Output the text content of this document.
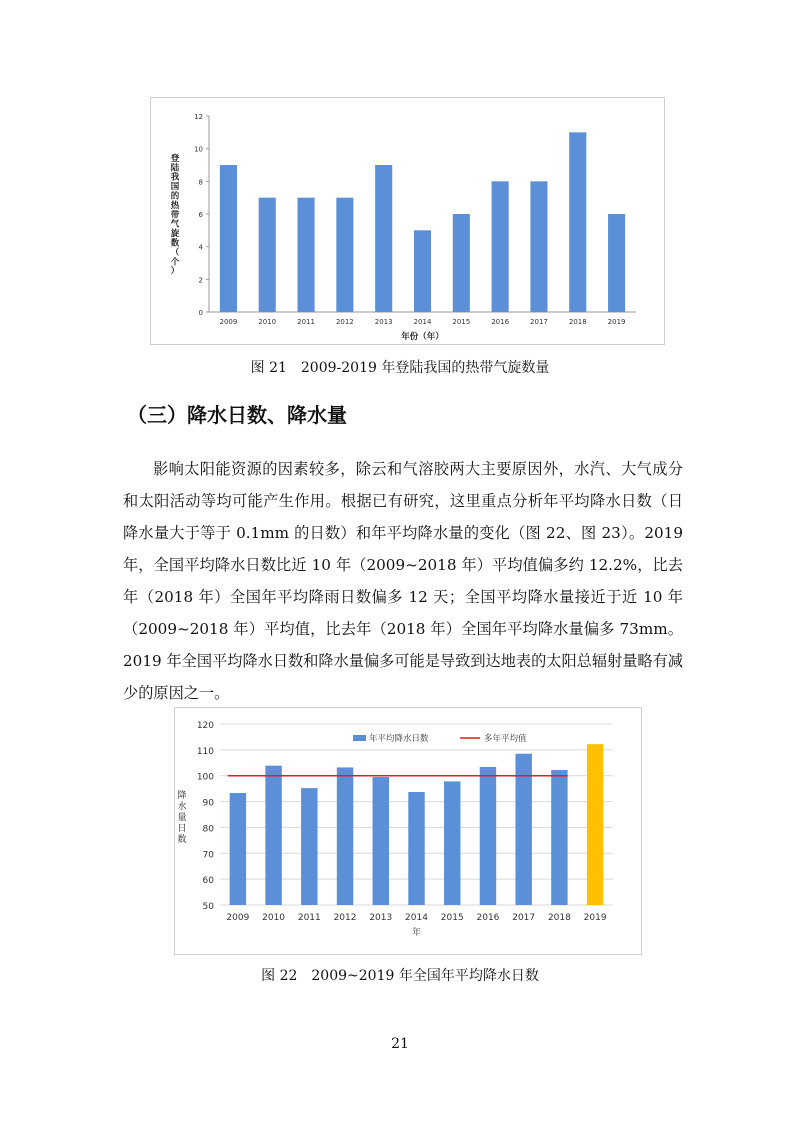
0
2
4
6
8
10
12
2009	2010	2011	2012	2013	2014	2015	2016	2017	2018	2019
年份（年）
登陆我国的热带气旋数（个）
图 21　2009-2019 年登陆我国的热带气旋数量
（三）降水日数、降水量

影响太阳能资源的因素较多，除云和气溶胶两大主要原因外，水汽、大气成分和太阳活动等均可能产生作用。根据已有研究，这里重点分析年平均降水日数（日降水量大于等于 0.1mm 的日数）和年平均降水量的变化（图 22、图 23）。2019 年，全国平均降水日数比近 10 年（2009~2018 年）平均值偏多约 12.2%，比去年（2018 年）全国年平均降雨日数偏多 12 天；全国平均降水量接近于近 10 年（2009~2018 年）平均值，比去年（2018 年）全国年平均降水量偏多 73mm。2019 年全国平均降水日数和降水量偏多可能是导致到达地表的太阳总辐射量略有减少的原因之一。

50
60
70
80
90
100
110
120
2009 2010 2011 2012 2013 2014 2015 2016 2017 2018 2019
年平均降水日数	多年平均值
年
降水量日数
图 22　2009~2019 年全国年平均降水日数
21
